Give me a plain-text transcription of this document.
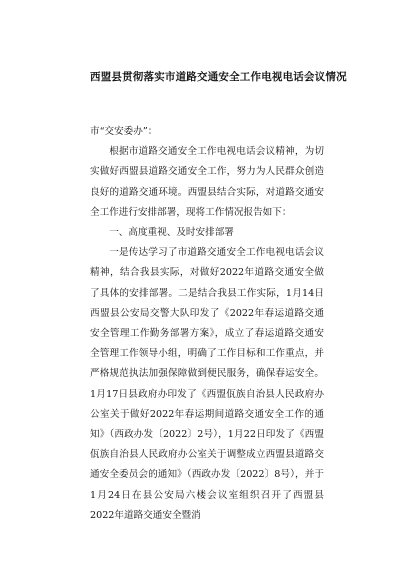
西盟县贯彻落实市道路交通安全工作电视电话会议情况

市“交安委办”：

根据市道路交通安全工作电视电话会议精神，为切实做好西盟县道路交通安全工作，努力为人民群众创造良好的道路交通环境。西盟县结合实际，对道路交通安全工作进行安排部署，现将工作情况报告如下：

一、高度重视、及时安排部署

一是传达学习了市道路交通安全工作电视电话会议精神，结合我县实际，对做好2022年道路交通安全做了具体的安排部署。二是结合我县工作实际，1月14日西盟县公安局交警大队印发了《2022年春运道路交通安全管理工作勤务部署方案》，成立了春运道路交通安全管理工作领导小组，明确了工作目标和工作重点，并严格规范执法加强保障做到便民服务，确保春运安全。1月17日县政府办印发了《西盟佤族自治县人民政府办公室关于做好2022年春运期间道路交通安全工作的通知》（西政办发〔2022〕2号），1月22日印发了《西盟佤族自治县人民政府办公室关于调整成立西盟县道路交通安全委员会的通知》（西政办发〔2022〕8号），并于1月24日在县公安局六楼会议室组织召开了西盟县2022年道路交通安全暨消
